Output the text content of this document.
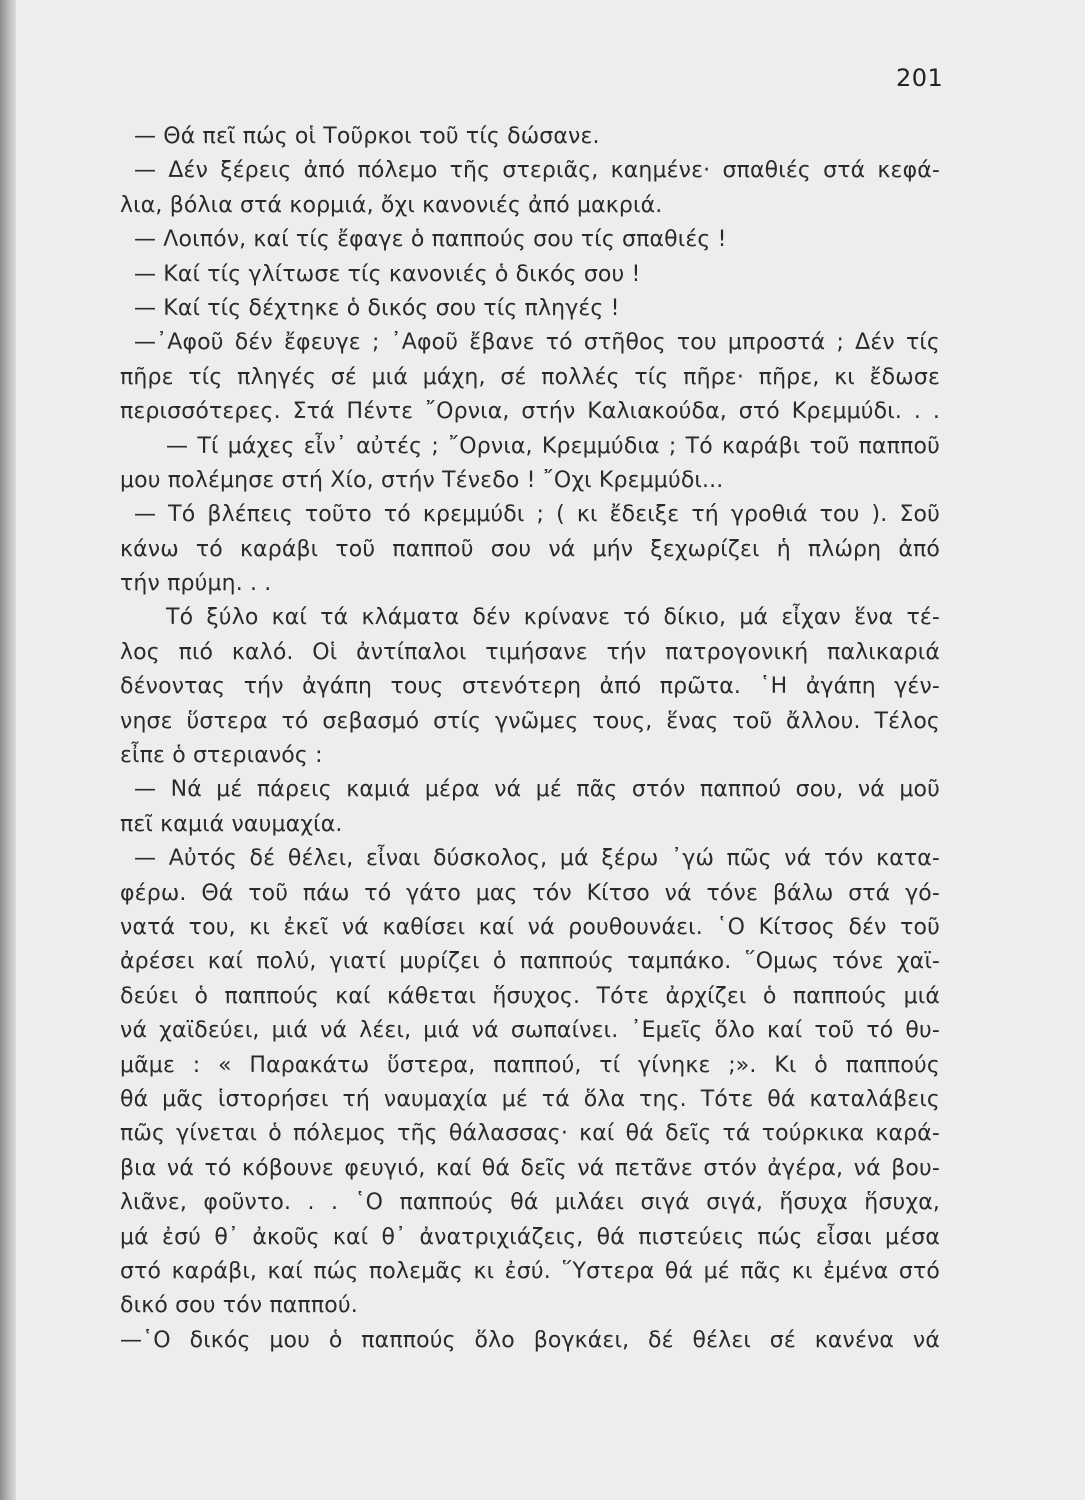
201
— Θά πεῖ πώς οἱ Τοῦρκοι τοῦ τίς δώσανε.
— Δέν ξέρεις ἀπό πόλεμο τῆς στεριᾶς, καημένε· σπαθιές στά κεφά-
λια, βόλια στά κορμιά, ὄχι κανονιές ἀπό μακριά.
— Λοιπόν, καί τίς ἔφαγε ὁ παππούς σου τίς σπαθιές !
— Καί τίς γλίτωσε τίς κανονιές ὁ δικός σου !
— Καί τίς δέχτηκε ὁ δικός σου τίς πληγές !
—᾿Αφοῦ δέν ἔφευγε ; ᾿Αφοῦ ἔβανε τό στῆθος του μπροστά ; Δέν τίς
πῆρε τίς πληγές σέ μιά μάχη, σέ πολλές τίς πῆρε· πῆρε, κι ἔδωσε
περισσότερες. Στά Πέντε ῎Ορνια, στήν Καλιακούδα, στό Κρεμμύδι. . .
— Τί μάχες εἶν᾿ αὐτές ; ῎Ορνια, Κρεμμύδια ; Τό καράβι τοῦ παπποῦ
μου πολέμησε στή Χίο, στήν Τένεδο ! ῎Οχι Κρεμμύδι...
— Τό βλέπεις τοῦτο τό κρεμμύδι ; ( κι ἔδειξε τή γροθιά του ). Σοῦ
κάνω τό καράβι τοῦ παπποῦ σου νά μήν ξεχωρίζει ἡ πλώρη ἀπό
τήν πρύμη. . .
Τό ξύλο καί τά κλάματα δέν κρίνανε τό δίκιο, μά εἶχαν ἕνα τέ-
λος πιό καλό. Οἱ ἀντίπαλοι τιμήσανε τήν πατρογονική παλικαριά
δένοντας τήν ἀγάπη τους στενότερη ἀπό πρῶτα. ῾Η ἀγάπη γέν-
νησε ὕστερα τό σεβασμό στίς γνῶμες τους, ἕνας τοῦ ἄλλου. Τέλος
εἶπε ὁ στεριανός :
— Νά μέ πάρεις καμιά μέρα νά μέ πᾶς στόν παππού σου, νά μοῦ
πεῖ καμιά ναυμαχία.
— Αὐτός δέ θέλει, εἶναι δύσκολος, μά ξέρω ᾿γώ πῶς νά τόν κατα-
φέρω. Θά τοῦ πάω τό γάτο μας τόν Κίτσο νά τόνε βάλω στά γό-
νατά του, κι ἐκεῖ νά καθίσει καί νά ρουθουνάει. ῾Ο Κίτσος δέν τοῦ
ἀρέσει καί πολύ, γιατί μυρίζει ὁ παππούς ταμπάκο. ῞Ομως τόνε χαϊ-
δεύει ὁ παππούς καί κάθεται ἥσυχος. Τότε ἀρχίζει ὁ παππούς μιά
νά χαϊδεύει, μιά νά λέει, μιά νά σωπαίνει. ᾿Εμεῖς ὅλο καί τοῦ τό θυ-
μᾶμε : « Παρακάτω ὕστερα, παππού, τί γίνηκε ;». Κι ὁ παππούς
θά μᾶς ἱστορήσει τή ναυμαχία μέ τά ὅλα της. Τότε θά καταλάβεις
πῶς γίνεται ὁ πόλεμος τῆς θάλασσας· καί θά δεῖς τά τούρκικα καρά-
βια νά τό κόβουνε φευγιό, καί θά δεῖς νά πετᾶνε στόν ἀγέρα, νά βου-
λιᾶνε, φοῦντο. . . ῾Ο παππούς θά μιλάει σιγά σιγά, ἥσυχα ἥσυχα,
μά ἐσύ θ᾿ ἀκοῦς καί θ᾿ ἀνατριχιάζεις, θά πιστεύεις πώς εἶσαι μέσα
στό καράβι, καί πώς πολεμᾶς κι ἐσύ. ῞Υστερα θά μέ πᾶς κι ἐμένα στό
δικό σου τόν παππού.
—῾Ο δικός μου ὁ παππούς ὅλο βογκάει, δέ θέλει σέ κανένα νά
